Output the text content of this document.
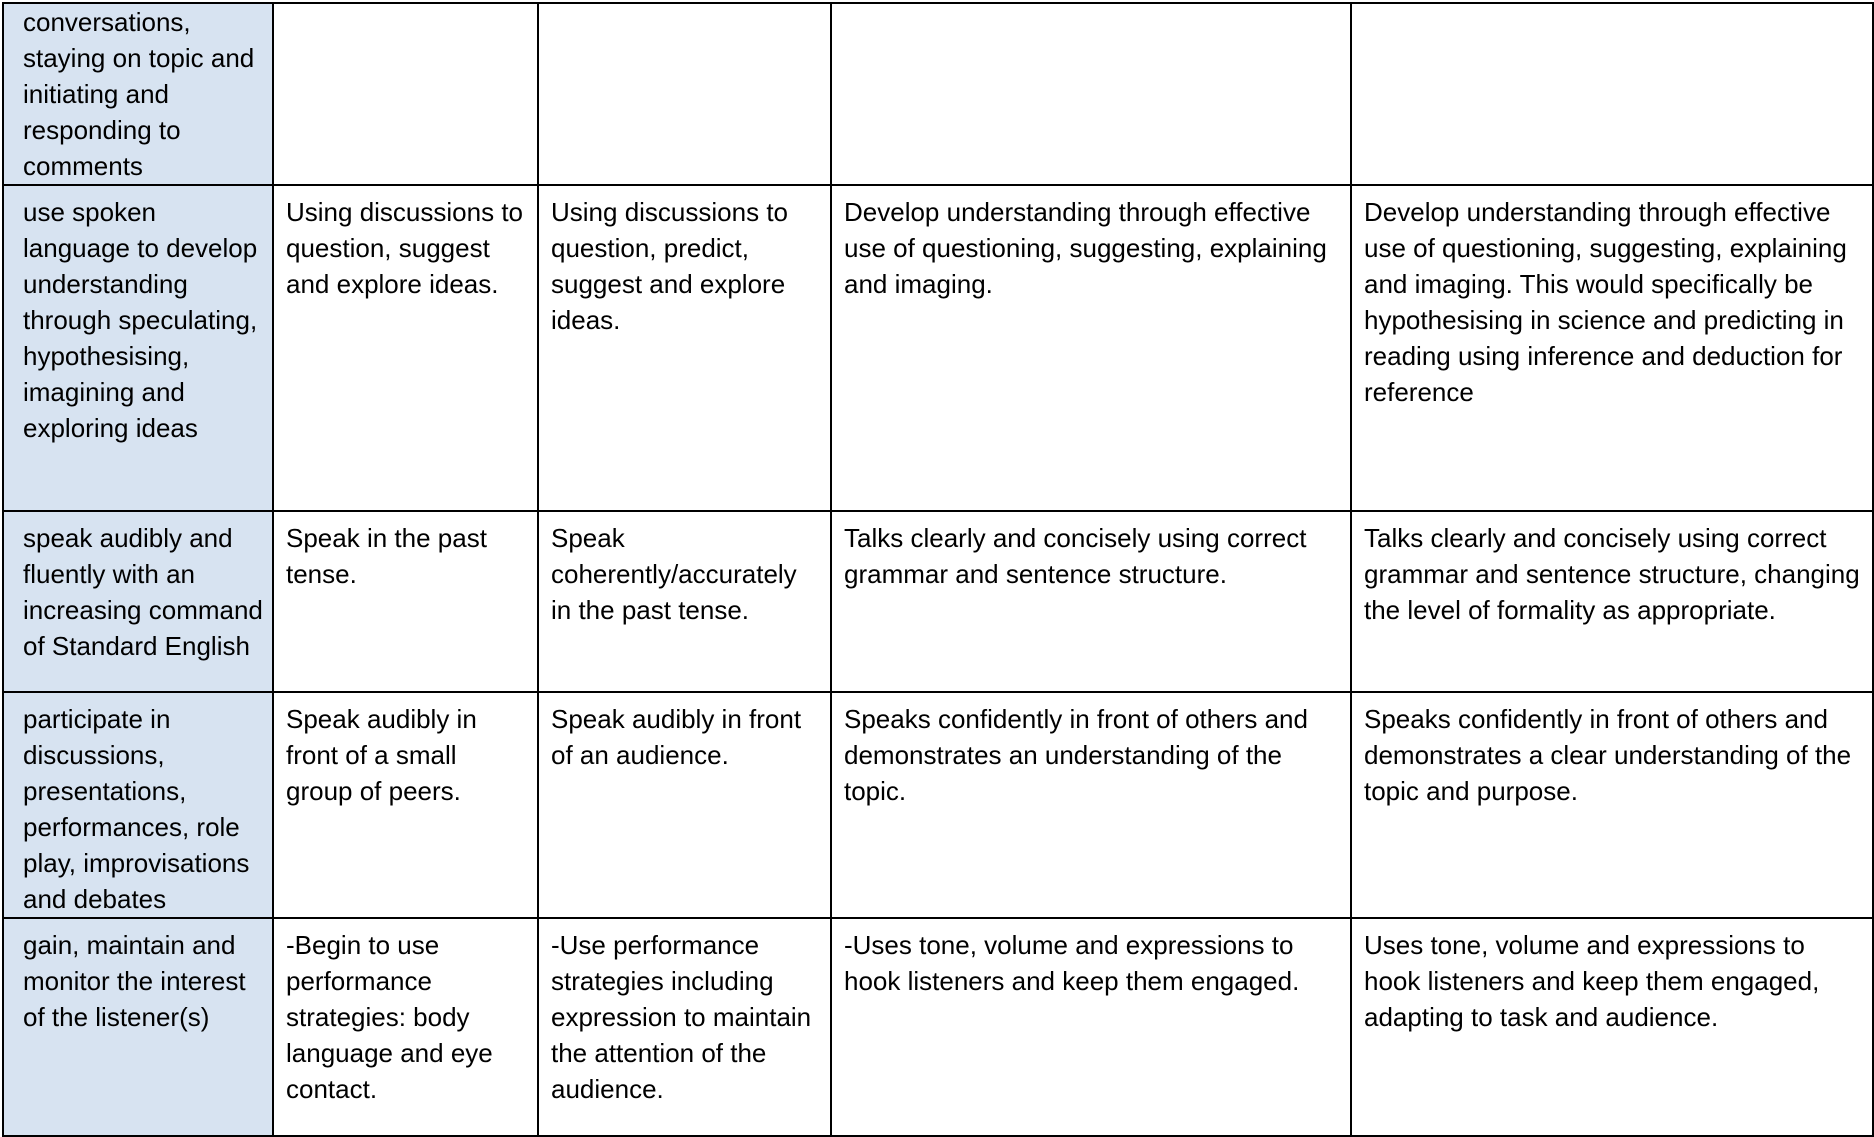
conversations, staying on topic and initiating and responding to comments				
use spoken language to develop understanding through speculating, hypothesising, imagining and exploring ideas	Using discussions to question, suggest and explore ideas.	Using discussions to question, predict, suggest and explore ideas.	Develop understanding through effective use of questioning, suggesting, explaining and imaging.	Develop understanding through effective use of questioning, suggesting, explaining and imaging. This would specifically be hypothesising in science and predicting in reading using inference and deduction for reference
speak audibly and fluently with an increasing command of Standard English	Speak in the past tense.	Speak coherently/accurately in the past tense.	Talks clearly and concisely using correct grammar and sentence structure.	Talks clearly and concisely using correct grammar and sentence structure, changing the level of formality as appropriate.
participate in discussions, presentations, performances, role play, improvisations and debates	Speak audibly in front of a small group of peers.	Speak audibly in front of an audience.	Speaks confidently in front of others and demonstrates an understanding of the topic.	Speaks confidently in front of others and demonstrates a clear understanding of the topic and purpose.
gain, maintain and monitor the interest of the listener(s)	-Begin to use performance strategies: body language and eye contact.	-Use performance strategies including expression to maintain the attention of the audience.	-Uses tone, volume and expressions to hook listeners and keep them engaged.	Uses tone, volume and expressions to hook listeners and keep them engaged, adapting to task and audience.
